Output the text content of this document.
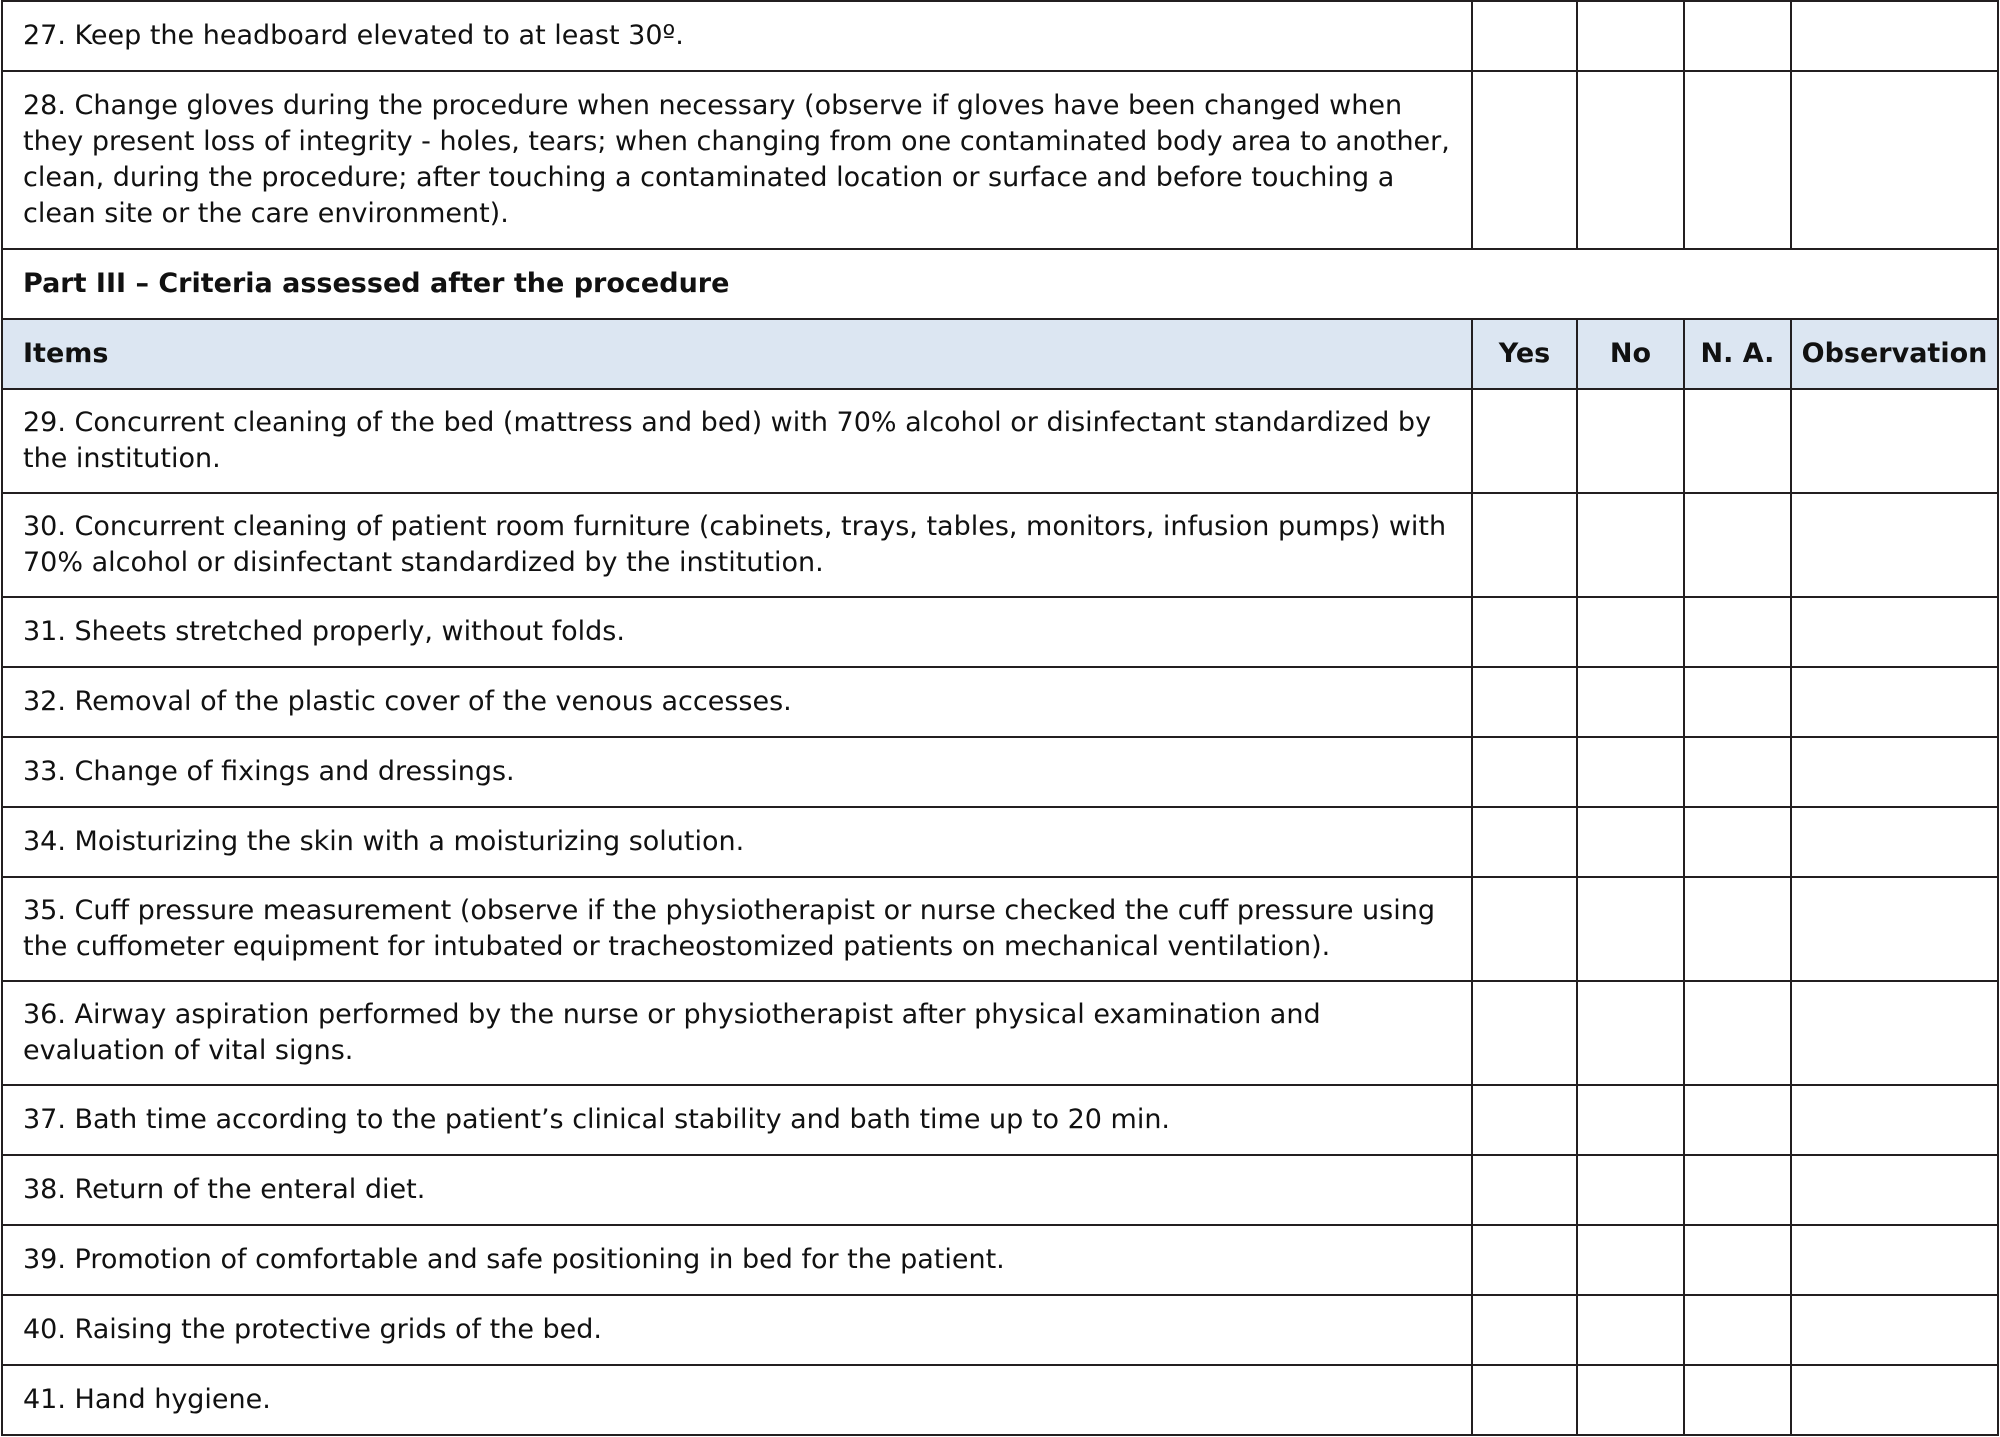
27. Keep the headboard elevated to at least 30º.				
28. Change gloves during the procedure when necessary (observe if gloves have been changed when they present loss of integrity - holes, tears; when changing from one contaminated body area to another, clean, during the procedure; after touching a contaminated location or surface and before touching a clean site or the care environment).				
Part III – Criteria assessed after the procedure				
Items	Yes	No	N. A.	Observation
29. Concurrent cleaning of the bed (mattress and bed) with 70% alcohol or disinfectant standardized by the institution.				
30. Concurrent cleaning of patient room furniture (cabinets, trays, tables, monitors, infusion pumps) with 70% alcohol or disinfectant standardized by the institution.				
31. Sheets stretched properly, without folds.				
32. Removal of the plastic cover of the venous accesses.				
33. Change of fixings and dressings.				
34. Moisturizing the skin with a moisturizing solution.				
35. Cuff pressure measurement (observe if the physiotherapist or nurse checked the cuff pressure using the cuffometer equipment for intubated or tracheostomized patients on mechanical ventilation).				
36. Airway aspiration performed by the nurse or physiotherapist after physical examination and evaluation of vital signs.				
37. Bath time according to the patient’s clinical stability and bath time up to 20 min.				
38. Return of the enteral diet.				
39. Promotion of comfortable and safe positioning in bed for the patient.				
40. Raising the protective grids of the bed.				
41. Hand hygiene.				
